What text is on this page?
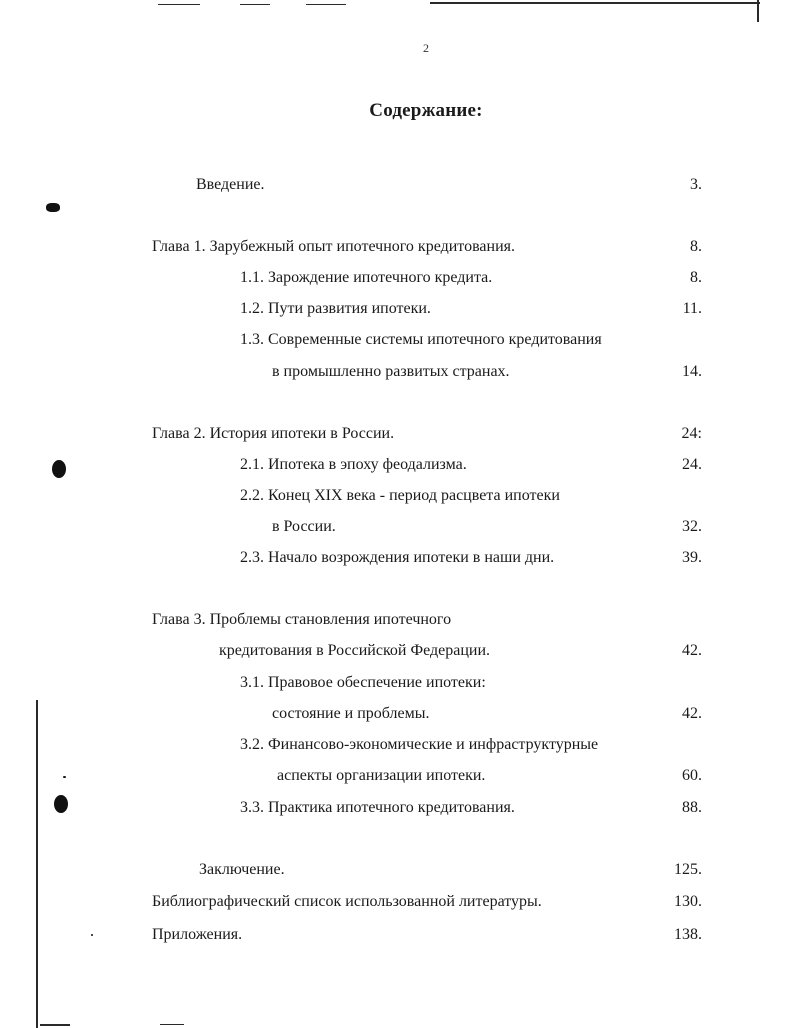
2
Содержание:
Введение.	3.
Глава 1. Зарубежный опыт ипотечного кредитования.	8.
1.1. Зарождение ипотечного кредита.	8.
1.2. Пути развития ипотеки.	11.
1.3. Современные системы ипотечного кредитования
в промышленно развитых странах.	14.
Глава 2. История ипотеки в России.	24:
2.1. Ипотека в эпоху феодализма.	24.
2.2. Конец XIX века - период расцвета ипотеки
в России.	32.
2.3. Начало возрождения ипотеки в наши дни.	39.
Глава 3. Проблемы становления ипотечного
кредитования в Российской Федерации.	42.
3.1. Правовое обеспечение ипотеки:
состояние и проблемы.	42.
3.2. Финансово-экономические и инфраструктурные
аспекты организации ипотеки.	60.
3.3. Практика ипотечного кредитования.	88.
Заключение.	125.
Библиографический список использованной литературы.	130.
Приложения.	138.
